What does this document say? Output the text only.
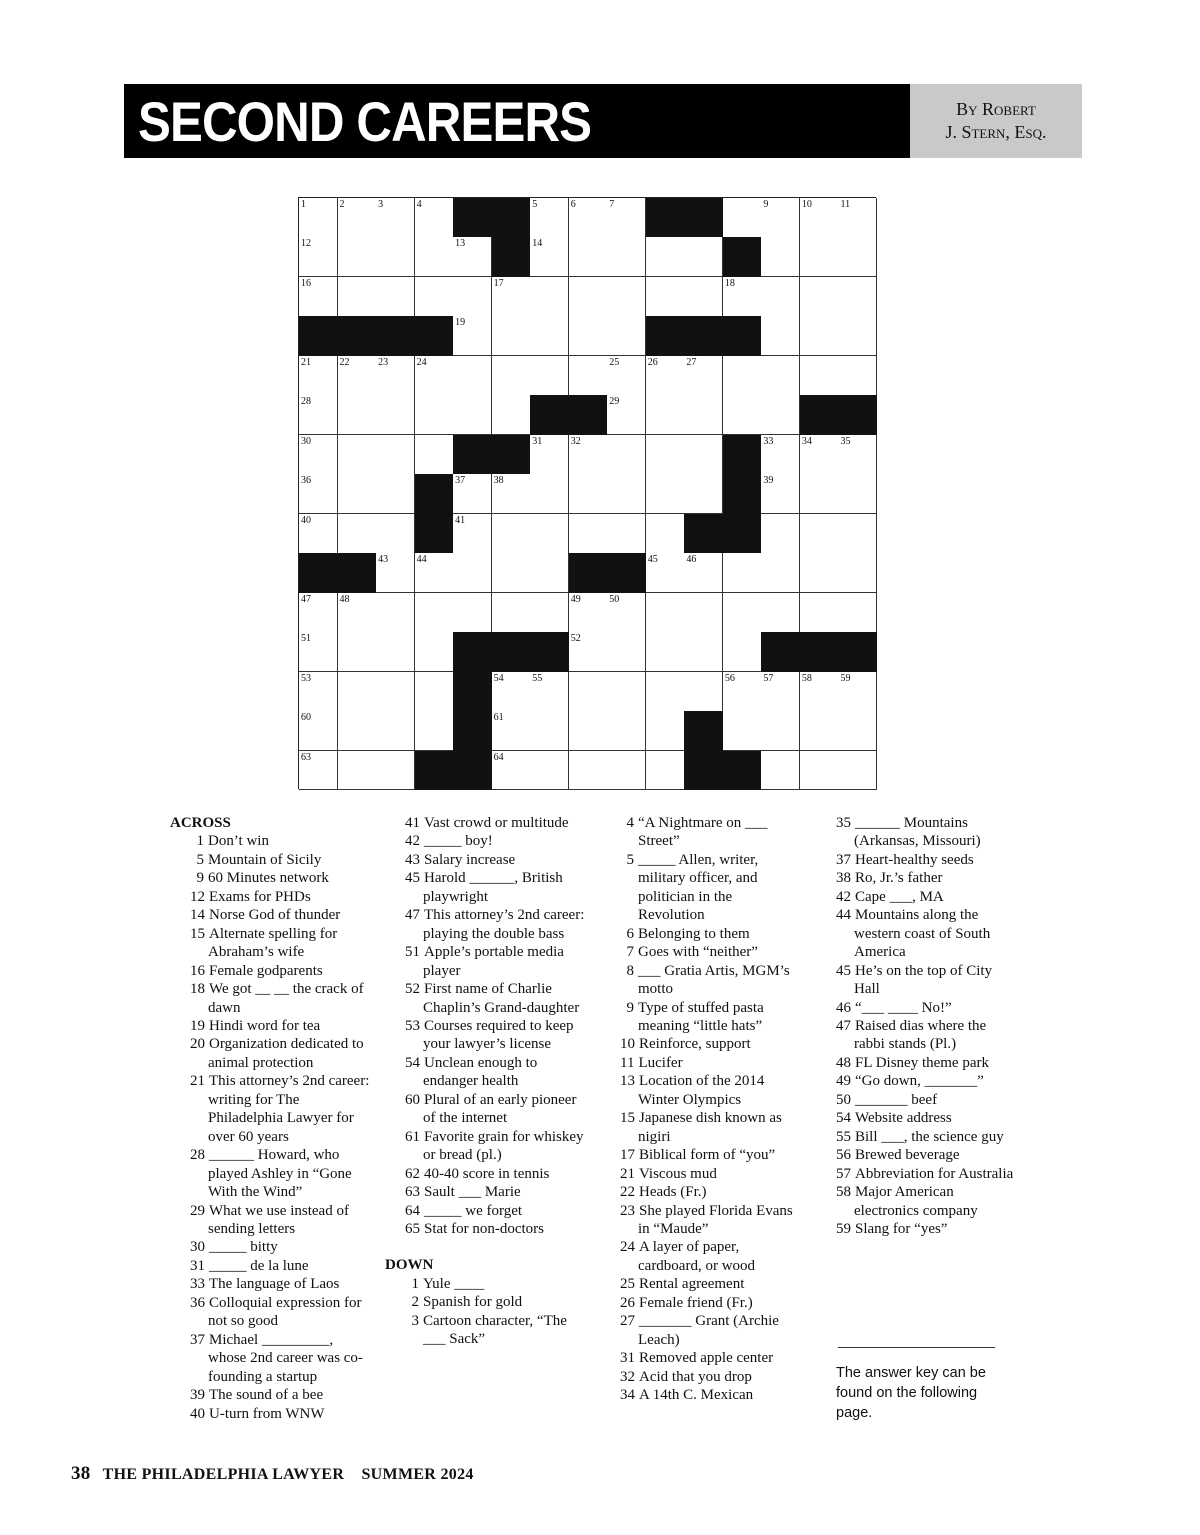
SECOND CAREERS	By Robert
J. Stern, Esq.
1	2	3	4	5	6	7	9	10	11
12	13	14
16	17	18
19
21	22	23	24	25	26	27
28	29
30	31	32	33	34	35
36	37	38	39
40	41
43	44	45	46
47	48	49	50
51	52
53	54	55	56	57	58	59
60	61
63	64
ACROSS
1 Don’t win
5 Mountain of Sicily
9 60 Minutes network
12 Exams for PHDs
14 Norse God of thunder
15 Alternate spelling for Abraham’s wife
16 Female godparents
18 We got __ __ the crack of dawn
19 Hindi word for tea
20 Organization dedicated to animal protection
21 This attorney’s 2nd career: writing for The Philadelphia Lawyer for over 60 years
28 ______ Howard, who played Ashley in “Gone With the Wind”
29 What we use instead of sending letters
30 _____ bitty
31 _____ de la lune
33 The language of Laos
36 Colloquial expression for not so good
37 Michael _________, whose 2nd career was co-founding a startup
39 The sound of a bee
40 U-turn from WNW
41 Vast crowd or multitude
42 _____ boy!
43 Salary increase
45 Harold ______, British playwright
47 This attorney’s 2nd career: playing the double bass
51 Apple’s portable media player
52 First name of Charlie Chaplin’s Grand-daughter
53 Courses required to keep your lawyer’s license
54 Unclean enough to endanger health
60 Plural of an early pioneer of the internet
61 Favorite grain for whiskey or bread (pl.)
62 40-40 score in tennis
63 Sault ___ Marie
64 _____ we forget
65 Stat for non-doctors
DOWN
1 Yule ____
2 Spanish for gold
3 Cartoon character, “The ___ Sack”
4 “A Nightmare on ___ Street”
5 _____ Allen, writer, military officer, and politician in the Revolution
6 Belonging to them
7 Goes with “neither”
8 ___ Gratia Artis, MGM’s motto
9 Type of stuffed pasta meaning “little hats”
10 Reinforce, support
11 Lucifer
13 Location of the 2014 Winter Olympics
15 Japanese dish known as nigiri
17 Biblical form of “you”
21 Viscous mud
22 Heads (Fr.)
23 She played Florida Evans in “Maude”
24 A layer of paper, cardboard, or wood
25 Rental agreement
26 Female friend (Fr.)
27 _______ Grant (Archie Leach)
31 Removed apple center
32 Acid that you drop
34 A 14th C. Mexican
35 ______ Mountains (Arkansas, Missouri)
37 Heart-healthy seeds
38 Ro, Jr.’s father
42 Cape ___, MA
44 Mountains along the western coast of South America
45 He’s on the top of City Hall
46 “___ ____ No!”
47 Raised dias where the rabbi stands (Pl.)
48 FL Disney theme park
49 “Go down, _______”
50 _______ beef
54 Website address
55 Bill ___, the science guy
56 Brewed beverage
57 Abbreviation for Australia
58 Major American electronics company
59 Slang for “yes”
The answer key can be found on the following page.
38 THE PHILADELPHIA LAWYER SUMMER 2024
